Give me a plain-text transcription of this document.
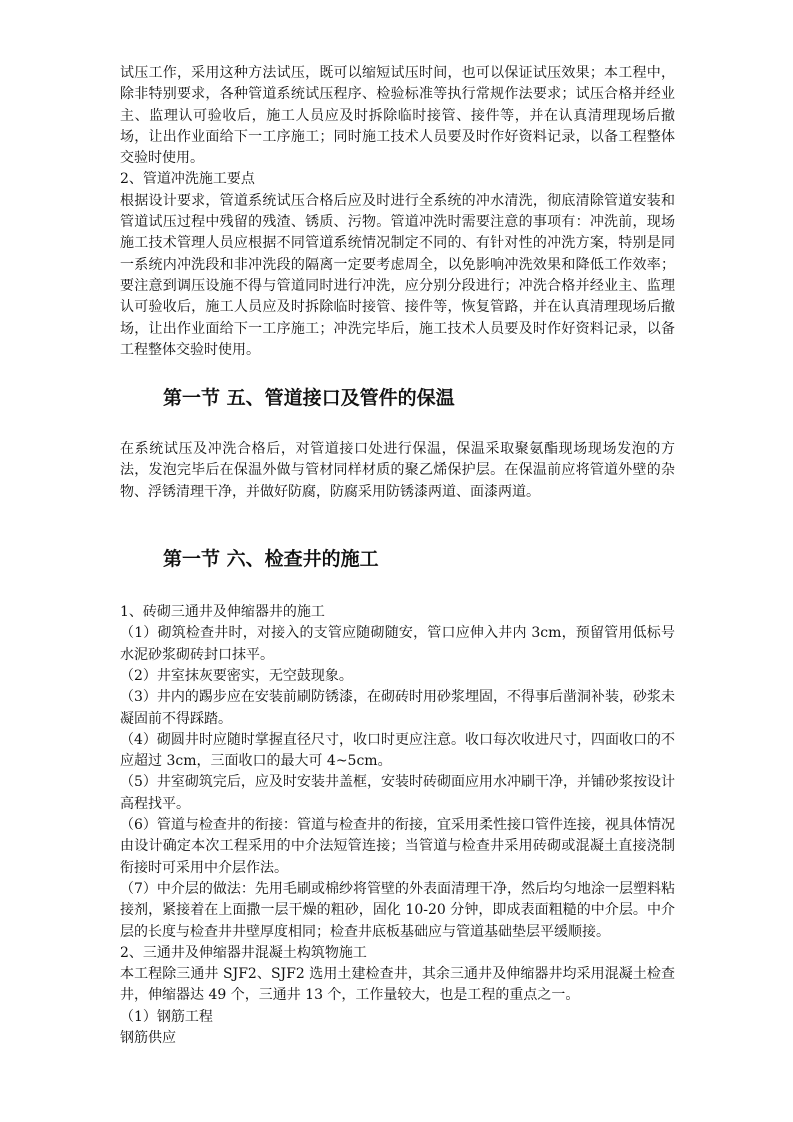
试压工作，采用这种方法试压，既可以缩短试压时间，也可以保证试压效果；本工程中，除非特别要求，各种管道系统试压程序、检验标准等执行常规作法要求；试压合格并经业主、监理认可验收后，施工人员应及时拆除临时接管、接件等，并在认真清理现场后撤场，让出作业面给下一工序施工；同时施工技术人员要及时作好资料记录，以备工程整体交验时使用。

2、管道冲洗施工要点

根据设计要求，管道系统试压合格后应及时进行全系统的冲水清洗，彻底清除管道安装和管道试压过程中残留的残渣、锈质、污物。管道冲洗时需要注意的事项有：冲洗前，现场施工技术管理人员应根据不同管道系统情况制定不同的、有针对性的冲洗方案，特别是同一系统内冲洗段和非冲洗段的隔离一定要考虑周全，以免影响冲洗效果和降低工作效率；要注意到调压设施不得与管道同时进行冲洗，应分别分段进行；冲洗合格并经业主、监理认可验收后，施工人员应及时拆除临时接管、接件等，恢复管路，并在认真清理现场后撤场，让出作业面给下一工序施工；冲洗完毕后，施工技术人员要及时作好资料记录，以备工程整体交验时使用。

第一节 五、管道接口及管件的保温

在系统试压及冲洗合格后，对管道接口处进行保温，保温采取聚氨酯现场现场发泡的方法，发泡完毕后在保温外做与管材同样材质的聚乙烯保护层。在保温前应将管道外壁的杂物、浮锈清理干净，并做好防腐，防腐采用防锈漆两道、面漆两道。

第一节 六、检查井的施工

1、砖砌三通井及伸缩器井的施工

（1）砌筑检查井时，对接入的支管应随砌随安，管口应伸入井内 3cm，预留管用低标号水泥砂浆砌砖封口抹平。

（2）井室抹灰要密实，无空鼓现象。

（3）井内的踢步应在安装前刷防锈漆，在砌砖时用砂浆埋固，不得事后凿洞补装，砂浆未凝固前不得踩踏。

（4）砌圆井时应随时掌握直径尺寸，收口时更应注意。收口每次收进尺寸，四面收口的不应超过 3cm，三面收口的最大可 4~5cm。

（5）井室砌筑完后，应及时安装井盖框，安装时砖砌面应用水冲刷干净，并铺砂浆按设计高程找平。

（6）管道与检查井的衔接：管道与检查井的衔接，宜采用柔性接口管件连接，视具体情况由设计确定本次工程采用的中介法短管连接；当管道与检查井采用砖砌或混凝土直接浇制衔接时可采用中介层作法。

（7）中介层的做法：先用毛刷或棉纱将管壁的外表面清理干净，然后均匀地涂一层塑料粘接剂，紧接着在上面撒一层干燥的粗砂，固化 10-20 分钟，即成表面粗糙的中介层。中介层的长度与检查井井壁厚度相同；检查井底板基础应与管道基础垫层平缓顺接。

2、三通井及伸缩器井混凝土构筑物施工

本工程除三通井 SJF2、SJF2 选用土建检查井，其余三通井及伸缩器井均采用混凝土检查井，伸缩器达 49 个，三通井 13 个，工作量较大，也是工程的重点之一。

（1）钢筋工程

钢筋供应
